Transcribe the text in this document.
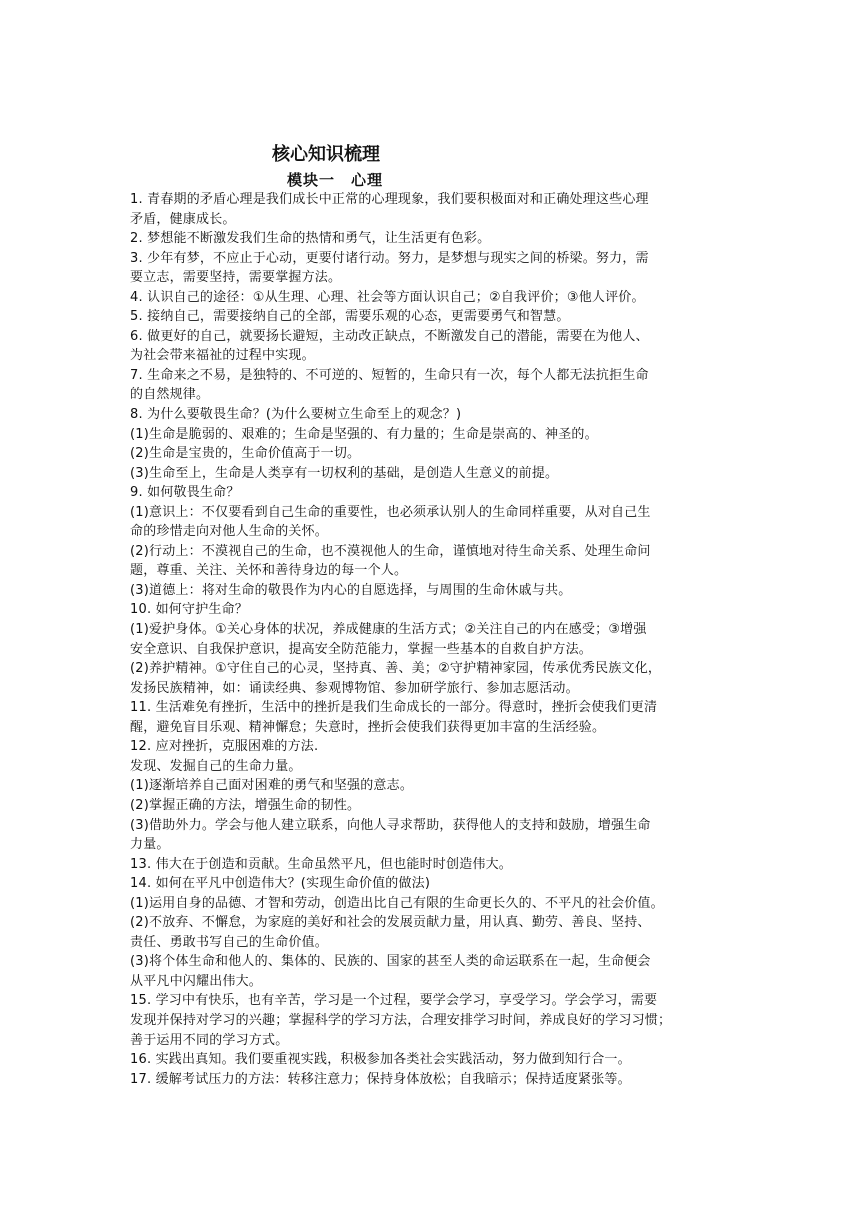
核心知识梳理
模块一　心理
1. 青春期的矛盾心理是我们成长中正常的心理现象，我们要积极面对和正确处理这些心理
矛盾，健康成长。
2. 梦想能不断激发我们生命的热情和勇气，让生活更有色彩。
3. 少年有梦，不应止于心动，更要付诸行动。努力，是梦想与现实之间的桥梁。努力，需
要立志，需要坚持，需要掌握方法。
4. 认识自己的途径：①从生理、心理、社会等方面认识自己；②自我评价；③他人评价。
5. 接纳自己，需要接纳自己的全部，需要乐观的心态，更需要勇气和智慧。
6. 做更好的自己，就要扬长避短，主动改正缺点，不断激发自己的潜能，需要在为他人、
为社会带来福祉的过程中实现。
7. 生命来之不易，是独特的、不可逆的、短暂的，生命只有一次，每个人都无法抗拒生命
的自然规律。
8. 为什么要敬畏生命？(为什么要树立生命至上的观念？)
(1)生命是脆弱的、艰难的；生命是坚强的、有力量的；生命是崇高的、神圣的。
(2)生命是宝贵的，生命价值高于一切。
(3)生命至上，生命是人类享有一切权利的基础，是创造人生意义的前提。
9. 如何敬畏生命？
(1)意识上：不仅要看到自己生命的重要性，也必须承认别人的生命同样重要，从对自己生
命的珍惜走向对他人生命的关怀。
(2)行动上：不漠视自己的生命，也不漠视他人的生命，谨慎地对待生命关系、处理生命问
题，尊重、关注、关怀和善待身边的每一个人。
(3)道德上：将对生命的敬畏作为内心的自愿选择，与周围的生命休戚与共。
10. 如何守护生命？
(1)爱护身体。①关心身体的状况，养成健康的生活方式；②关注自己的内在感受；③增强
安全意识、自我保护意识，提高安全防范能力，掌握一些基本的自救自护方法。
(2)养护精神。①守住自己的心灵，坚持真、善、美；②守护精神家园，传承优秀民族文化，
发扬民族精神，如：诵读经典、参观博物馆、参加研学旅行、参加志愿活动。
11. 生活难免有挫折，生活中的挫折是我们生命成长的一部分。得意时，挫折会使我们更清
醒，避免盲目乐观、精神懈怠；失意时，挫折会使我们获得更加丰富的生活经验。
12. 应对挫折，克服困难的方法.
发现、发掘自己的生命力量。
(1)逐渐培养自己面对困难的勇气和坚强的意志。
(2)掌握正确的方法，增强生命的韧性。
(3)借助外力。学会与他人建立联系，向他人寻求帮助，获得他人的支持和鼓励，增强生命
力量。
13. 伟大在于创造和贡献。生命虽然平凡，但也能时时创造伟大。
14. 如何在平凡中创造伟大？(实现生命价值的做法)
(1)运用自身的品德、才智和劳动，创造出比自己有限的生命更长久的、不平凡的社会价值。
(2)不放弃、不懈怠，为家庭的美好和社会的发展贡献力量，用认真、勤劳、善良、坚持、
责任、勇敢书写自己的生命价值。
(3)将个体生命和他人的、集体的、民族的、国家的甚至人类的命运联系在一起，生命便会
从平凡中闪耀出伟大。
15. 学习中有快乐，也有辛苦，学习是一个过程，要学会学习，享受学习。学会学习，需要
发现并保持对学习的兴趣；掌握科学的学习方法，合理安排学习时间，养成良好的学习习惯；
善于运用不同的学习方式。
16. 实践出真知。我们要重视实践，积极参加各类社会实践活动，努力做到知行合一。
17. 缓解考试压力的方法：转移注意力；保持身体放松；自我暗示；保持适度紧张等。
